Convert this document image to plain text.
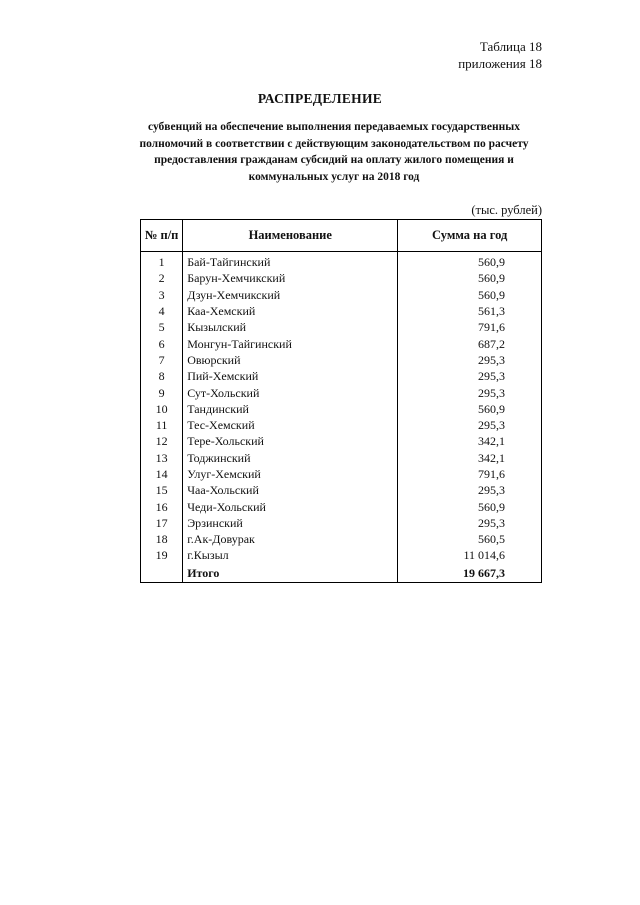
Таблица 18
приложения 18
РАСПРЕДЕЛЕНИЕ
субвенций на обеспечение выполнения передаваемых государственных полномочий в соответствии с действующим законодательством по расчету предоставления гражданам субсидий на оплату жилого помещения и коммунальных услуг на 2018 год
(тыс. рублей)
№ п/п	Наименование	Сумма на год
1	Бай-Тайгинский	560,9
2	Барун-Хемчикский	560,9
3	Дзун-Хемчикский	560,9
4	Каа-Хемский	561,3
5	Кызылский	791,6
6	Монгун-Тайгинский	687,2
7	Овюрский	295,3
8	Пий-Хемский	295,3
9	Сут-Хольский	295,3
10	Тандинский	560,9
11	Тес-Хемский	295,3
12	Тере-Хольский	342,1
13	Тоджинский	342,1
14	Улуг-Хемский	791,6
15	Чаа-Хольский	295,3
16	Чеди-Хольский	560,9
17	Эрзинский	295,3
18	г.Ак-Довурак	560,5
19	г.Кызыл	11 014,6
	Итого	19 667,3
